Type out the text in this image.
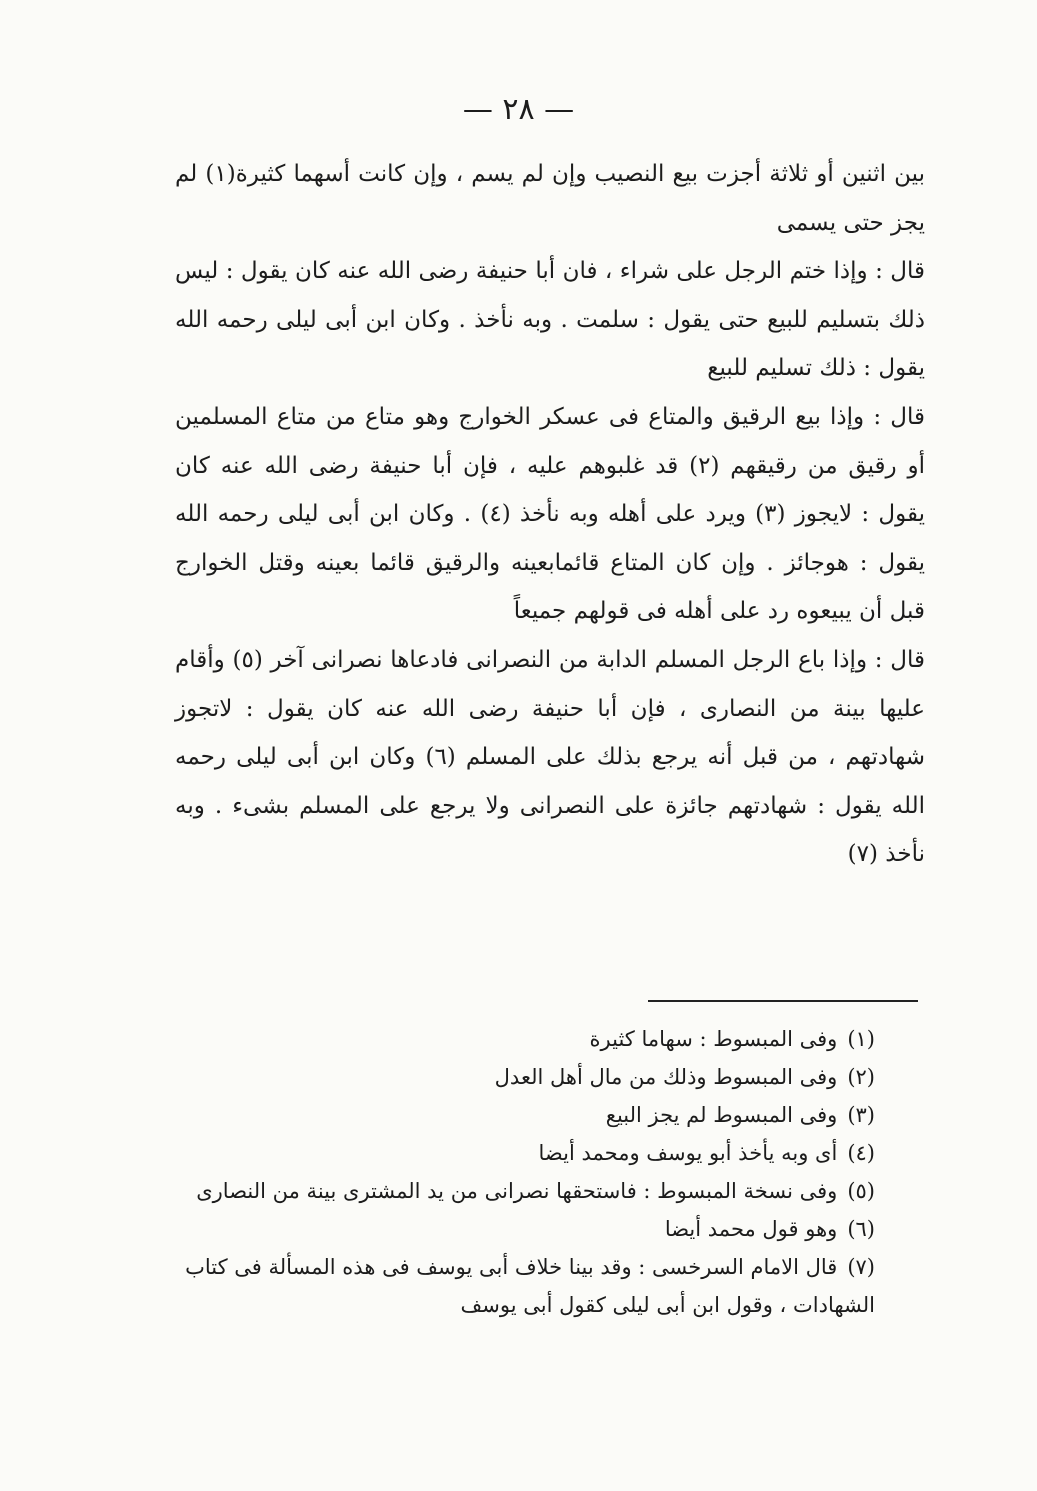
— ٢٨ —

بين اثنين أو ثلاثة أجزت بيع النصيب وإن لم يسم ، وإن كانت أسهما كثيرة(١) لم يجز حتى يسمى

قال : وإذا ختم الرجل على شراء ، فان أبا حنيفة رضى الله عنه كان يقول : ليس ذلك بتسليم للبيع حتى يقول : سلمت . وبه نأخذ . وكان ابن أبى ليلى رحمه الله يقول : ذلك تسليم للبيع

قال : وإذا بيع الرقيق والمتاع فى عسكر الخوارج وهو متاع من متاع المسلمين أو رقيق من رقيقهم (٢) قد غلبوهم عليه ، فإن أبا حنيفة رضى الله عنه كان يقول : لايجوز (٣) ويرد على أهله وبه نأخذ (٤) . وكان ابن أبى ليلى رحمه الله يقول : هوجائز . وإن كان المتاع قائمابعينه والرقيق قائما بعينه وقتل الخوارج قبل أن يبيعوه رد على أهله فى قولهم جميعاً

قال : وإذا باع الرجل المسلم الدابة من النصرانى فادعاها نصرانى آخر (٥) وأقام عليها بينة من النصارى ، فإن أبا حنيفة رضى الله عنه كان يقول : لاتجوز شهادتهم ، من قبل أنه يرجع بذلك على المسلم (٦) وكان ابن أبى ليلى رحمه الله يقول : شهادتهم جائزة على النصرانى ولا يرجع على المسلم بشىء . وبه نأخذ (٧)

(١)وفى المبسوط : سهاما كثيرة

(٢)وفى المبسوط وذلك من مال أهل العدل

(٣)وفى المبسوط لم يجز البيع

(٤)أى وبه يأخذ أبو يوسف ومحمد أيضا

(٥)وفى نسخة المبسوط : فاستحقها نصرانى من يد المشترى بينة من النصارى

(٦)وهو قول محمد أيضا

(٧)قال الامام السرخسى : وقد بينا خلاف أبى يوسف فى هذه المسألة فى كتاب الشهادات ، وقول ابن أبى ليلى كقول أبى يوسف
